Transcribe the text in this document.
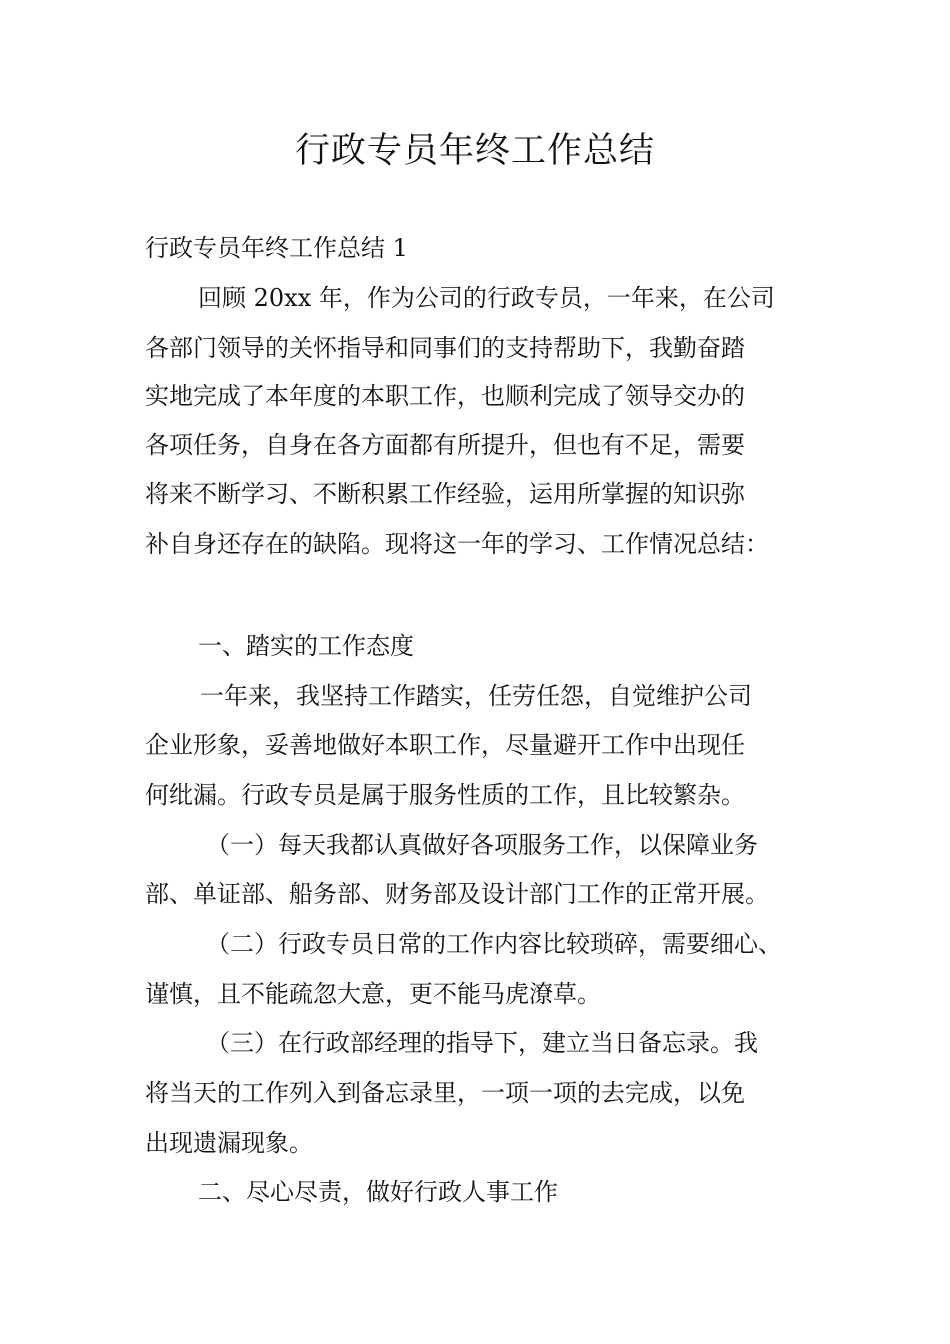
行政专员年终工作总结

行政专员年终工作总结 1

回顾 20xx 年，作为公司的行政专员，一年来，在公司

各部门领导的关怀指导和同事们的支持帮助下，我勤奋踏

实地完成了本年度的本职工作，也顺利完成了领导交办的

各项任务，自身在各方面都有所提升，但也有不足，需要

将来不断学习、不断积累工作经验，运用所掌握的知识弥

补自身还存在的缺陷。现将这一年的学习、工作情况总结：

一、踏实的工作态度

一年来，我坚持工作踏实，任劳任怨，自觉维护公司

企业形象，妥善地做好本职工作，尽量避开工作中出现任

何纰漏。行政专员是属于服务性质的工作，且比较繁杂。

（一）每天我都认真做好各项服务工作，以保障业务

部、单证部、船务部、财务部及设计部门工作的正常开展。

（二）行政专员日常的工作内容比较琐碎，需要细心、

谨慎，且不能疏忽大意，更不能马虎潦草。

（三）在行政部经理的指导下，建立当日备忘录。我

将当天的工作列入到备忘录里，一项一项的去完成，以免

出现遗漏现象。

二、尽心尽责，做好行政人事工作
